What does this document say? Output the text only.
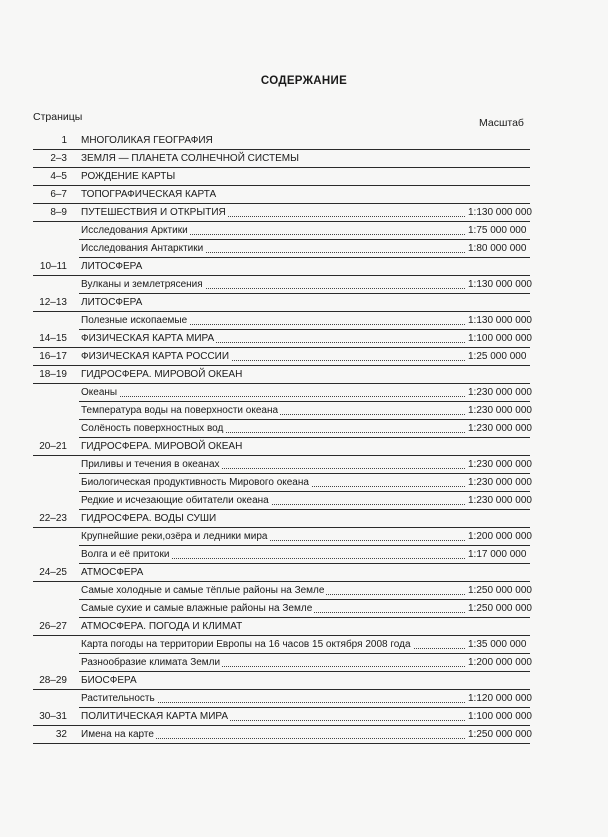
СОДЕРЖАНИЕ
Страницы	Масштаб
1 МНОГОЛИКАЯ ГЕОГРАФИЯ
2–3 ЗЕМЛЯ — ПЛАНЕТА СОЛНЕЧНОЙ СИСТЕМЫ
4–5 РОЖДЕНИЕ КАРТЫ
6–7 ТОПОГРАФИЧЕСКАЯ КАРТА
8–9 ПУТЕШЕСТВИЯ И ОТКРЫТИЯ	1:130 000 000
Исследования Арктики	1:75 000 000
Исследования Антарктики	1:80 000 000
10–11 ЛИТОСФЕРА
Вулканы и землетрясения	1:130 000 000
12–13 ЛИТОСФЕРА
Полезные ископаемые	1:130 000 000
14–15 ФИЗИЧЕСКАЯ КАРТА МИРА	1:100 000 000
16–17 ФИЗИЧЕСКАЯ КАРТА РОССИИ	1:25 000 000
18–19 ГИДРОСФЕРА. МИРОВОЙ ОКЕАН
Океаны	1:230 000 000
Температура воды на поверхности океана	1:230 000 000
Солёность поверхностных вод	1:230 000 000
20–21 ГИДРОСФЕРА. МИРОВОЙ ОКЕАН
Приливы и течения в океанах	1:230 000 000
Биологическая продуктивность Мирового океана	1:230 000 000
Редкие и исчезающие обитатели океана	1:230 000 000
22–23 ГИДРОСФЕРА. ВОДЫ СУШИ
Крупнейшие реки,озёра и ледники мира	1:200 000 000
Волга и её притоки	1:17 000 000
24–25 АТМОСФЕРА
Самые холодные и самые тёплые районы на Земле	1:250 000 000
Самые сухие и самые влажные районы на Земле	1:250 000 000
26–27 АТМОСФЕРА. ПОГОДА И КЛИМАТ
Карта погоды на территории Европы на 16 часов 15 октября 2008 года	1:35 000 000
Разнообразие климата Земли	1:200 000 000
28–29 БИОСФЕРА
Растительность	1:120 000 000
30–31 ПОЛИТИЧЕСКАЯ КАРТА МИРА	1:100 000 000
32 Имена на карте	1:250 000 000
